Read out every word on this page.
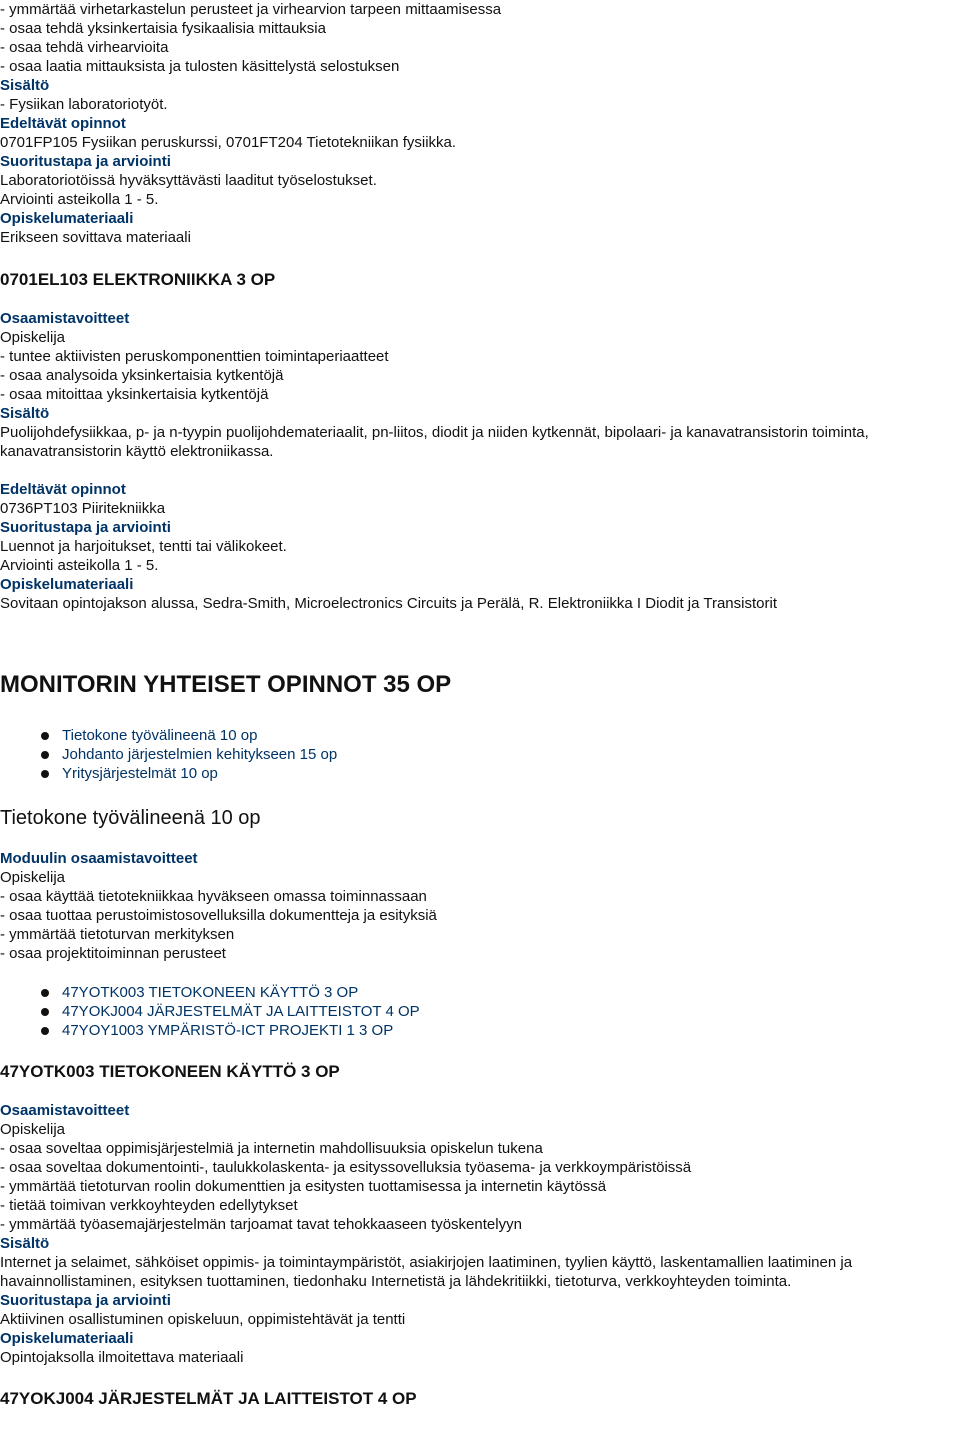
- ymmärtää virhetarkastelun perusteet ja virhearvion tarpeen mittaamisessa
- osaa tehdä yksinkertaisia fysikaalisia mittauksia
- osaa tehdä virhearvioita
- osaa laatia mittauksista ja tulosten käsittelystä selostuksen
Sisältö
- Fysiikan laboratoriotyöt.
Edeltävät opinnot
0701FP105 Fysiikan peruskurssi, 0701FT204 Tietotekniikan fysiikka.
Suoritustapa ja arviointi
Laboratoriotöissä hyväksyttävästi laaditut työselostukset.
Arviointi asteikolla 1 - 5.
Opiskelumateriaali
Erikseen sovittava materiaali
0701EL103 ELEKTRONIIKKA 3 OP
Osaamistavoitteet
Opiskelija
- tuntee aktiivisten peruskomponenttien toimintaperiaatteet
- osaa analysoida yksinkertaisia kytkentöjä
- osaa mitoittaa yksinkertaisia kytkentöjä
Sisältö
Puolijohdefysiikkaa, p- ja n-tyypin puolijohdemateriaalit, pn-liitos, diodit ja niiden kytkennät, bipolaari- ja kanavatransistorin toiminta, kanavatransistorin käyttö elektroniikassa.
Edeltävät opinnot
0736PT103 Piiritekniikka
Suoritustapa ja arviointi
Luennot ja harjoitukset, tentti tai välikokeet.
Arviointi asteikolla 1 - 5.
Opiskelumateriaali
Sovitaan opintojakson alussa, Sedra-Smith, Microelectronics Circuits ja Perälä, R. Elektroniikka I Diodit ja Transistorit
MONITORIN YHTEISET OPINNOT 35 OP
Tietokone työvälineenä 10 op
Johdanto järjestelmien kehitykseen 15 op
Yritysjärjestelmät 10 op
Tietokone työvälineenä 10 op
Moduulin osaamistavoitteet
Opiskelija
- osaa käyttää tietotekniikkaa hyväkseen omassa toiminnassaan
- osaa tuottaa perustoimistosovelluksilla dokumentteja ja esityksiä
- ymmärtää tietoturvan merkityksen
- osaa projektitoiminnan perusteet
47YOTK003 TIETOKONEEN KÄYTTÖ 3 OP
47YOKJ004 JÄRJESTELMÄT JA LAITTEISTOT 4 OP
47YOY1003 YMPÄRISTÖ-ICT PROJEKTI 1 3 OP
47YOTK003 TIETOKONEEN KÄYTTÖ 3 OP
Osaamistavoitteet
Opiskelija
- osaa soveltaa oppimisjärjestelmiä ja internetin mahdollisuuksia opiskelun tukena
- osaa soveltaa dokumentointi-, taulukkolaskenta- ja esityssovelluksia työasema- ja verkkoympäristöissä
- ymmärtää tietoturvan roolin dokumenttien ja esitysten tuottamisessa ja internetin käytössä
- tietää toimivan verkkoyhteyden edellytykset
- ymmärtää työasemajärjestelmän tarjoamat tavat tehokkaaseen työskentelyyn
Sisältö
Internet ja selaimet, sähköiset oppimis- ja toimintaympäristöt, asiakirjojen laatiminen, tyylien käyttö, laskentamallien laatiminen ja havainnollistaminen, esityksen tuottaminen, tiedonhaku Internetistä ja lähdekritiikki, tietoturva, verkkoyhteyden toiminta.
Suoritustapa ja arviointi
Aktiivinen osallistuminen opiskeluun, oppimistehtävät ja tentti
Opiskelumateriaali
Opintojaksolla ilmoitettava materiaali
47YOKJ004 JÄRJESTELMÄT JA LAITTEISTOT 4 OP
